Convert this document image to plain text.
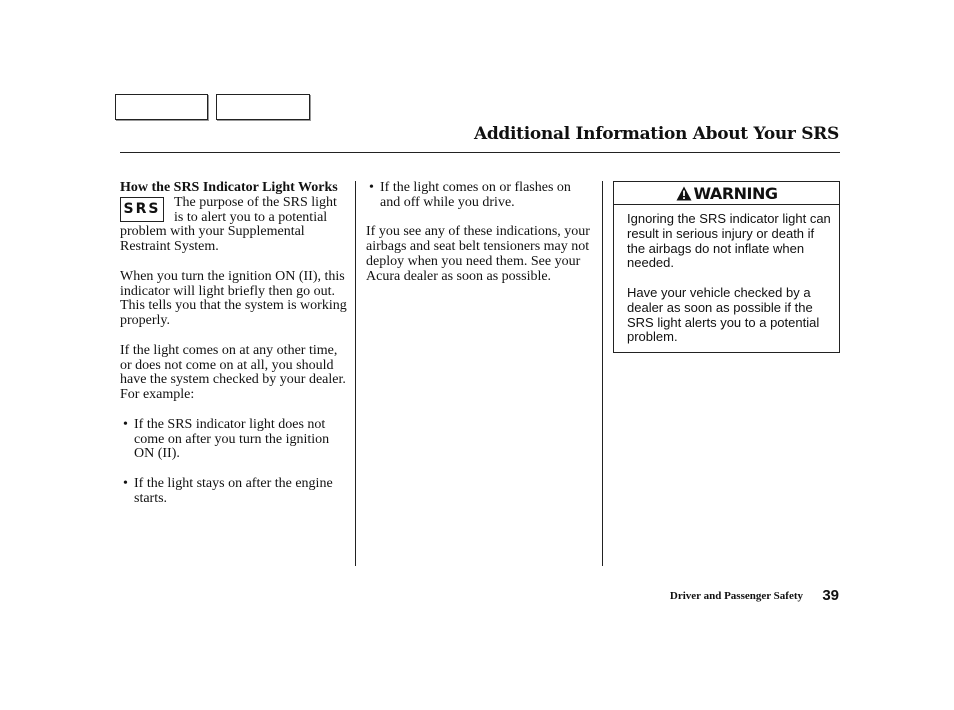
Additional Information About Your SRS

How the SRS Indicator Light Works

SRS The purpose of the SRS light is to alert you to a potential problem with your Supplemental Restraint System.

When you turn the ignition ON (II), this indicator will light briefly then go out. This tells you that the system is working properly.

If the light comes on at any other time, or does not come on at all, you should have the system checked by your dealer. For example:

• If the SRS indicator light does not come on after you turn the ignition ON (II).

• If the light stays on after the engine starts.

• If the light comes on or flashes on and off while you drive.

If you see any of these indications, your airbags and seat belt tensioners may not deploy when you need them. See your Acura dealer as soon as possible.

WARNING

Ignoring the SRS indicator light can result in serious injury or death if the airbags do not inflate when needed.

Have your vehicle checked by a dealer as soon as possible if the SRS light alerts you to a potential problem.

Driver and Passenger Safety	39
